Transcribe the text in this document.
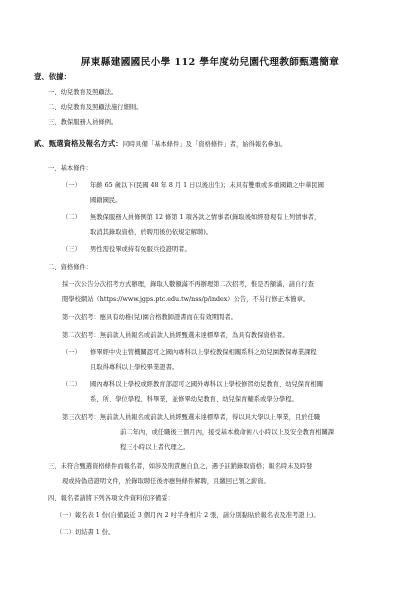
屏東縣建國國民小學 112 學年度幼兒園代理教師甄選簡章
壹、依據：
一、幼兒教育及照顧法。
二、幼兒教育及照顧法施行細則。
三、教保服務人員條例。
貳、甄選資格及報名方式：同時具備「基本條件」及「資格條件」者，始得報名參加。
一、基本條件：
（一） 年齡 65 歲以下(民國 48 年 8 月 1 日以後出生)；未具有雙重或多重國籍之中華民國
國籍國民。
（二） 無教保服務人員條例第 12 條第 1 項各款之情事者(錄取後如經發現有上列情事者，
取消其錄取資格，於聘用後仍依規定解聘)。
（三） 男性需役畢或持有免服兵役證明者。
二、資格條件：
採一次公告分次招考方式辦理，錄取人數額滿不再辦理第二次招考，惟是否額滿，請自行查
閱學校網站（https://www.jgps.ptc.edu.tw/nss/p/index）公告，不另行修正本簡章。
第一次招考：應具有幼稚(兒)園合格教師證書而在有效期間者。
第二次招考：無前款人員報名或前款人員經甄選未達標準者，為具有教保資格者。
（一） 修畢經中央主管機關認可之國內專科以上學校教保相關系科之幼兒園教保專業課程
且取得專科以上學校畢業證書。
（二） 國內專科以上學校或經教育部認可之國外專科以上學校修習幼兒教育、幼兒保育相關
系、所、學位學程、科畢業，並修畢幼兒教育、幼兒保育輔系或學分學程。
第三次招考：無前款人員報名或前款人員經甄選未達標準者，得以具大學以上畢業，且於任職
前二年內，或任職後三個月內，接受基本救命術八小時以上及安全教育相關課
程三小時以上者代理之。
三、未符合甄選資格條件而報名者，如涉及刑責應自負之，遇予註銷錄取資格；報名時未及時發
現或持偽造證明文件，於錄取聘任後亦應無條件解聘，且繳回已領之薪資。
四、報名者請將下列各項文件資料依序備妥：
（一）報名表 1 份(自備最近 3 個月內 2 吋半身相片 2 張，請分別黏貼於報名表及准考證上)。
（二）切結書 1 份。
